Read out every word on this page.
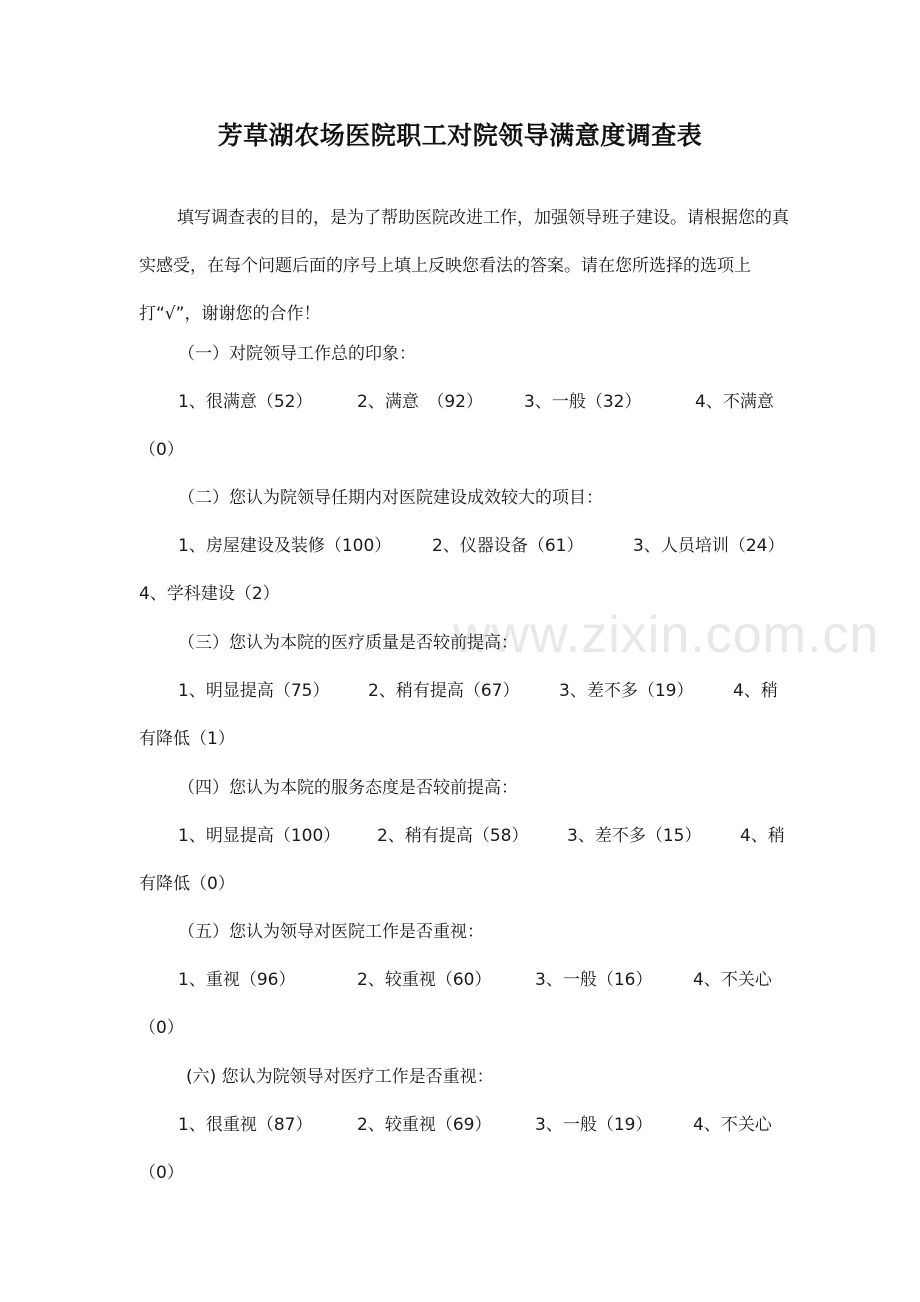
www.zixin.com.cn
芳草湖农场医院职工对院领导满意度调查表

填写调查表的目的，是为了帮助医院改进工作，加强领导班子建设。请根据您的真实感受，在每个问题后面的序号上填上反映您看法的答案。请在您所选择的选项上打“√”，谢谢您的合作！

（一）对院领导工作总的印象：
1、很满意（52）	2、满意　（92） 3、一般（32）	4、不满意
（0）
（二）您认为院领导任期内对医院建设成效较大的项目：
1、房屋建设及装修（100） 2、仪器设备（61）	3、人员培训（24）
4、学科建设（2）
（三）您认为本院的医疗质量是否较前提高：
1、明显提高（75） 2、稍有提高（67） 3、差不多（19） 4、稍
有降低（1）
（四）您认为本院的服务态度是否较前提高：
1、明显提高（100） 2、稍有提高（58） 3、差不多（15） 4、稍
有降低（0）
（五）您认为领导对医院工作是否重视：
1、重视（96）	2、较重视（60）	3、一般（16） 4、不关心
（0）
(六) 您认为院领导对医疗工作是否重视：
1、很重视（87）	2、较重视（69）	3、一般（19） 4、不关心
（0）
